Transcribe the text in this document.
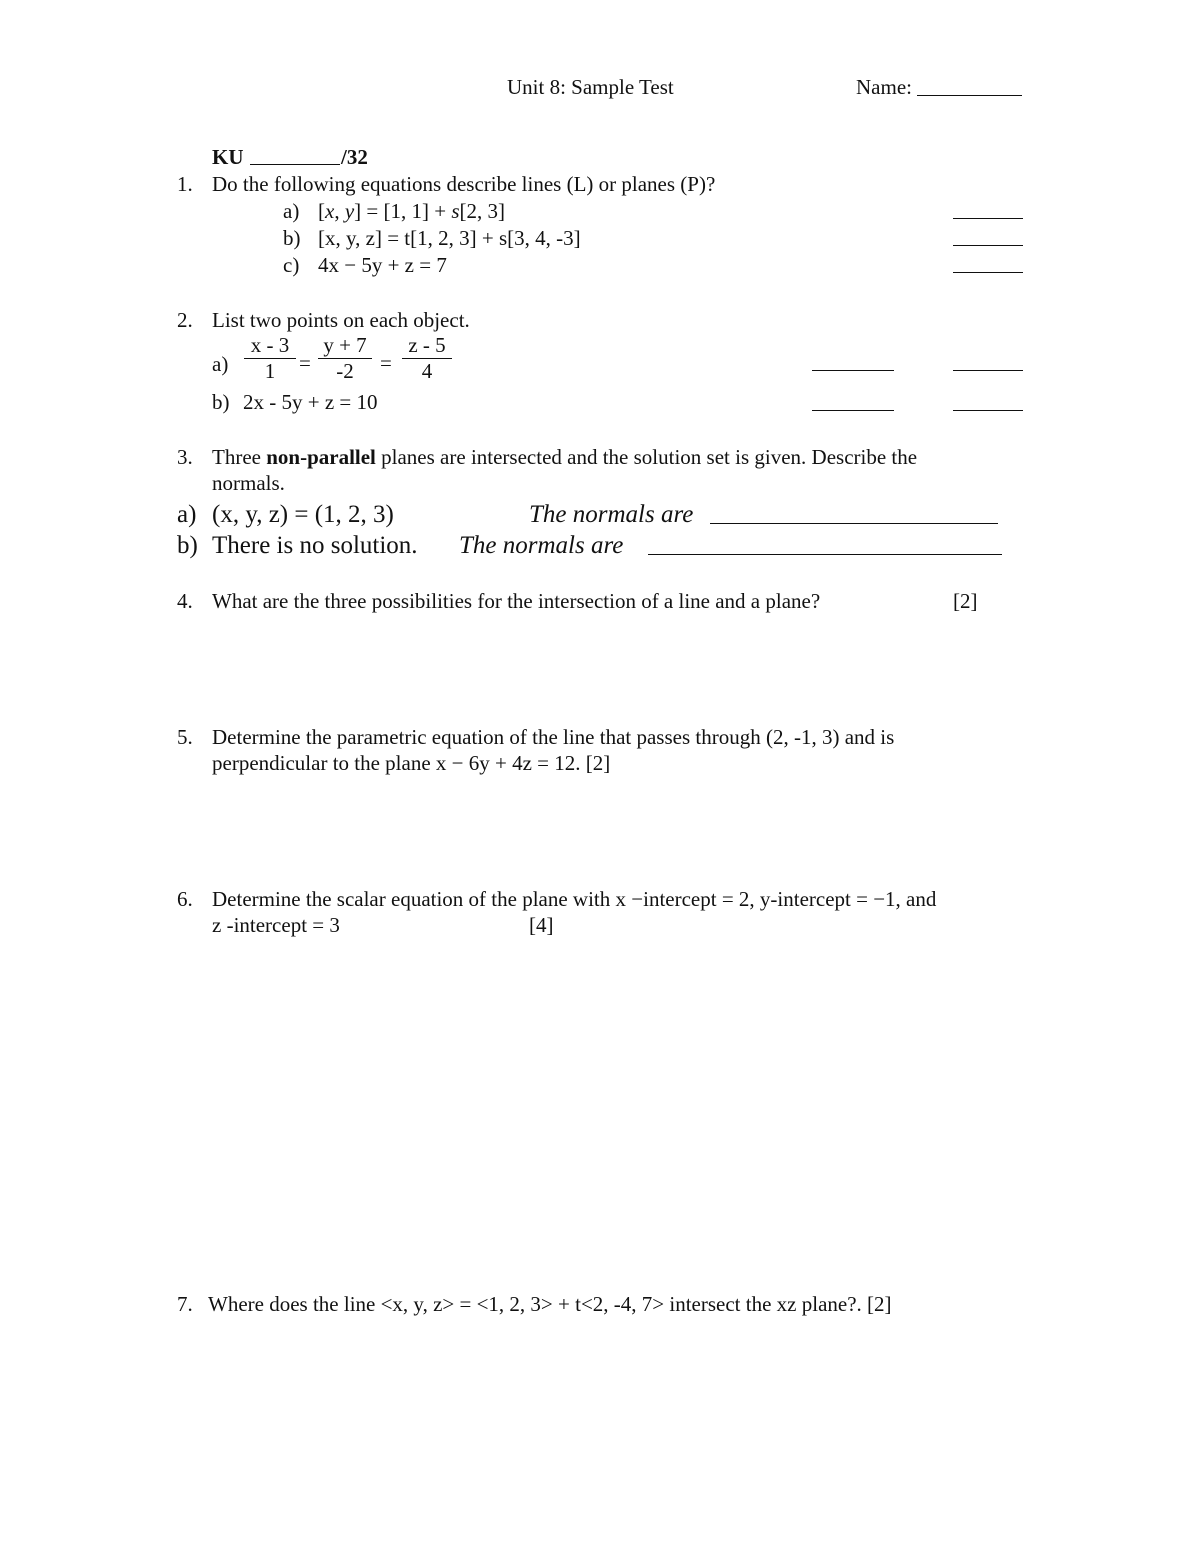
Unit 8: Sample Test	Name:
KU	/32
1. Do the following equations describe lines (L) or planes (P)?
a) [x, y] = [1, 1] + s[2, 3]
b) [x, y, z] = t[1, 2, 3] + s[3, 4, -3]
c) 4x − 5y + z = 7
2. List two points on each object.
$a) \frac{x - 3}{1} = \frac{y + 7}{-2} = \frac{z - 5}{4}$
b) 2x - 5y + z = 10
3. Three non-parallel planes are intersected and the solution set is given. Describe the
normals.
a) (x, y, z) = (1, 2, 3)	The normals are
b) There is no solution. The normals are
4. What are the three possibilities for the intersection of a line and a plane?	[2]
5. Determine the parametric equation of the line that passes through (2, -1, 3) and is
perpendicular to the plane x − 6y + 4z = 12. [2]
6. Determine the scalar equation of the plane with x −intercept = 2, y-intercept = −1, and
z -intercept = 3	[4]
7. Where does the line <x, y, z> = <1, 2, 3> + t<2, -4, 7> intersect the xz plane?. [2]
